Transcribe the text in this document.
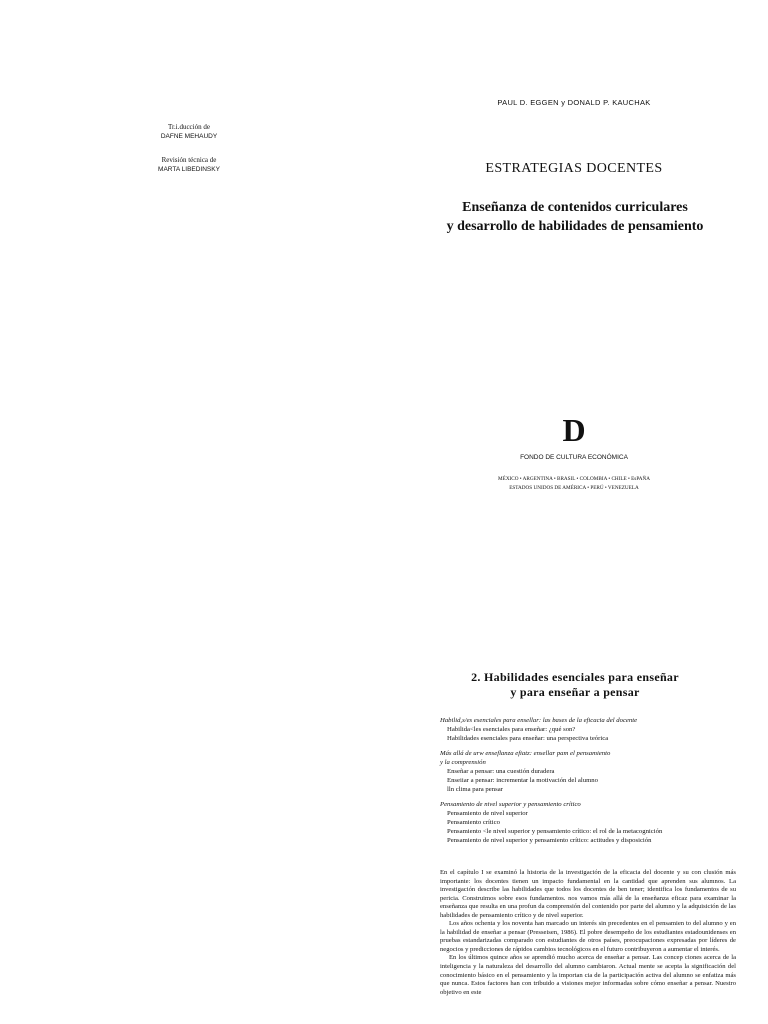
PAUL D. EGGEN y DONALD P. KAUCHAK
Tr.i.ducción de
DAFNE MEHAUDY
Revisión técnica de
MARTA LIBEDINSKY	ESTRATEGIAS DOCENTES
Enseñanza de contenidos curriculares
y desarrollo de habilidades de pensamiento
D
FONDO DE CULTURA ECONÓMICA
MÉXICO • ARGENTINA • BRASIL • COLOMBIA • CHILE • EsPAÑA
ESTADOS UNIDOS DE AMÉRICA • PERÚ • VENEZUELA
2. Habilidades esenciales para enseñar
y para enseñar a pensar
Habilid,s/es esenciales para ensellar: las bases de la eficacia del docente
Habilida<les esenciales para enseñar: ¿qué son?
Habilidades esenciales para enseñar: una perspectiva teórica
Más allá de urw enseflanza efiatz: ensellar pam el pensamiento
y la comprensión
Enseñar a pensar: una cuestión duradera
Enseiiar a pensar: incrementar la motivación del alumno
lln clima para pensar
Pensamiento de nivel superior y pensamiento crítico
Pensamiento de nivel superior
Pensamiento crítico
Pensamiento <le nivel superior y pensamiento crítico: el rol de la metacognición
Pensamiento de nivel superior y pensamiento crítico: actitudes y disposición

En el capítulo I se examinó la historia de la investigación de la eficacia del docente y su con clusión más importante: los docentes tienen un impacto fundamental en la cantidad que aprenden sus alumnos. La investigación describe las habilidades que todos los docentes de ben tener; identifica los fundamentos de su pericia. Construimos sobre esos fundamentos. nos vamos más allá de la enseñanza eficaz para examinar la enseñanza que resulta en una profun da comprensión del contenido por parte del alumno y la adquisición de las habilidades de pensamiento crítico y de nivel superior.

Los años ochenta y los noventa han marcado un interés sin precedentes en el pensamien to del alumno y en la habilidad de enseñar a pensar (Presseisen, 1986). El pobre desempeño de los estudiantes estadounidenses en pruebas estandarizadas comparado con estudiantes de otros países, preocupaciones expresadas por líderes de negocios y predicciones de rápidos cambios tecnológicos en el futuro contribuyeron a aumentar el interés.

En los últimos quince años se aprendió mucho acerca de enseñar a pensar. Las concep ciones acerca de la inteligencia y la naturaleza del desarrollo del alumno cambiaron. Actual mente se acepta la significación del conocimiento básico en el pensamiento y la importan cia de la participación activa del alumno se enfatiza más que nunca. Estos factores han con tribuido a visiones mejor informadas sobre cómo enseñar a pensar. Nuestro objetivo en este
